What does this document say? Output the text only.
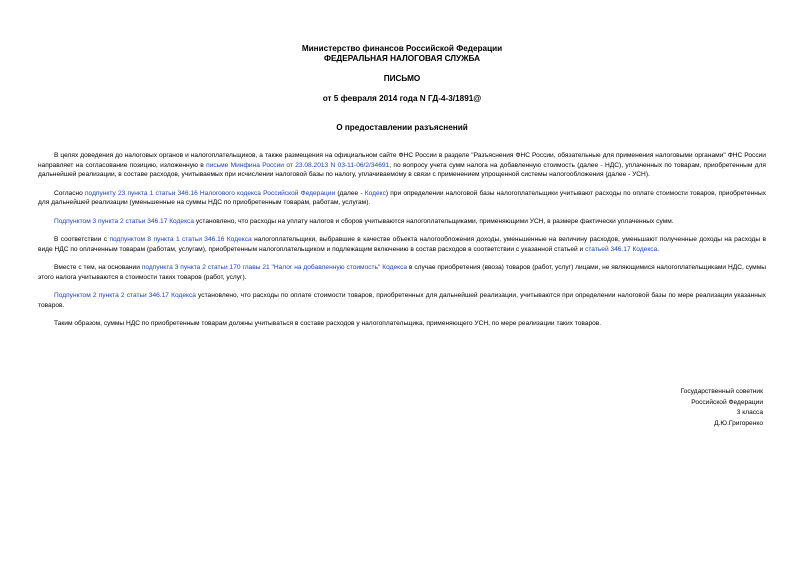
Министерство финансов Российской Федерации
ФЕДЕРАЛЬНАЯ НАЛОГОВАЯ СЛУЖБА
ПИСЬМО
от 5 февраля 2014 года N ГД-4-3/1891@
О предоставлении разъяснений

В целях доведения до налоговых органов и налогоплательщиков, а также размещения на официальном сайте ФНС России в разделе "Разъяснения ФНС России, обязательные для применения налоговыми органами" ФНС России направляет на согласование позицию, изложенную в письме Минфина России от 23.08.2013 N 03-11-06/2/34691, по вопросу учета сумм налога на добавленную стоимость (далее - НДС), уплаченных по товарам, приобретенным для дальнейшей реализации, в составе расходов, учитываемых при исчислении налоговой базы по налогу, уплачиваемому в связи с применением упрощенной системы налогообложения (далее - УСН).

Согласно подпункту 23 пункта 1 статьи 346.16 Налогового кодекса Российской Федерации (далее - Кодекс) при определении налоговой базы налогоплательщики учитывают расходы по оплате стоимости товаров, приобретенных для дальнейшей реализации (уменьшенные на суммы НДС по приобретенным товарам, работам, услугам).

Подпунктом 3 пункта 2 статьи 346.17 Кодекса установлено, что расходы на уплату налогов и сборов учитываются налогоплательщиками, применяющими УСН, в размере фактически уплаченных сумм.

В соответствии с подпунктом 8 пункта 1 статьи 346.16 Кодекса налогоплательщики, выбравшие в качестве объекта налогообложения доходы, уменьшенные на величину расходов, уменьшают полученные доходы на расходы в виде НДС по оплаченным товарам (работам, услугам), приобретенным налогоплательщиком и подлежащим включению в состав расходов в соответствии с указанной статьей и статьей 346.17 Кодекса.

Вместе с тем, на основании подпункта 3 пункта 2 статьи 170 главы 21 "Налог на добавленную стоимость" Кодекса в случае приобретения (ввоза) товаров (работ, услуг) лицами, не являющимися налогоплательщиками НДС, суммы этого налога учитываются в стоимости таких товаров (работ, услуг).

Подпунктом 2 пункта 2 статьи 346.17 Кодекса установлено, что расходы по оплате стоимости товаров, приобретенных для дальнейшей реализации, учитываются при определении налоговой базы по мере реализации указанных товаров.

Таким образом, суммы НДС по приобретенным товарам должны учитываться в составе расходов у налогоплательщика, применяющего УСН, по мере реализации таких товаров.

Государственный советник
Российской Федерации
3 класса
Д.Ю.Григоренко
